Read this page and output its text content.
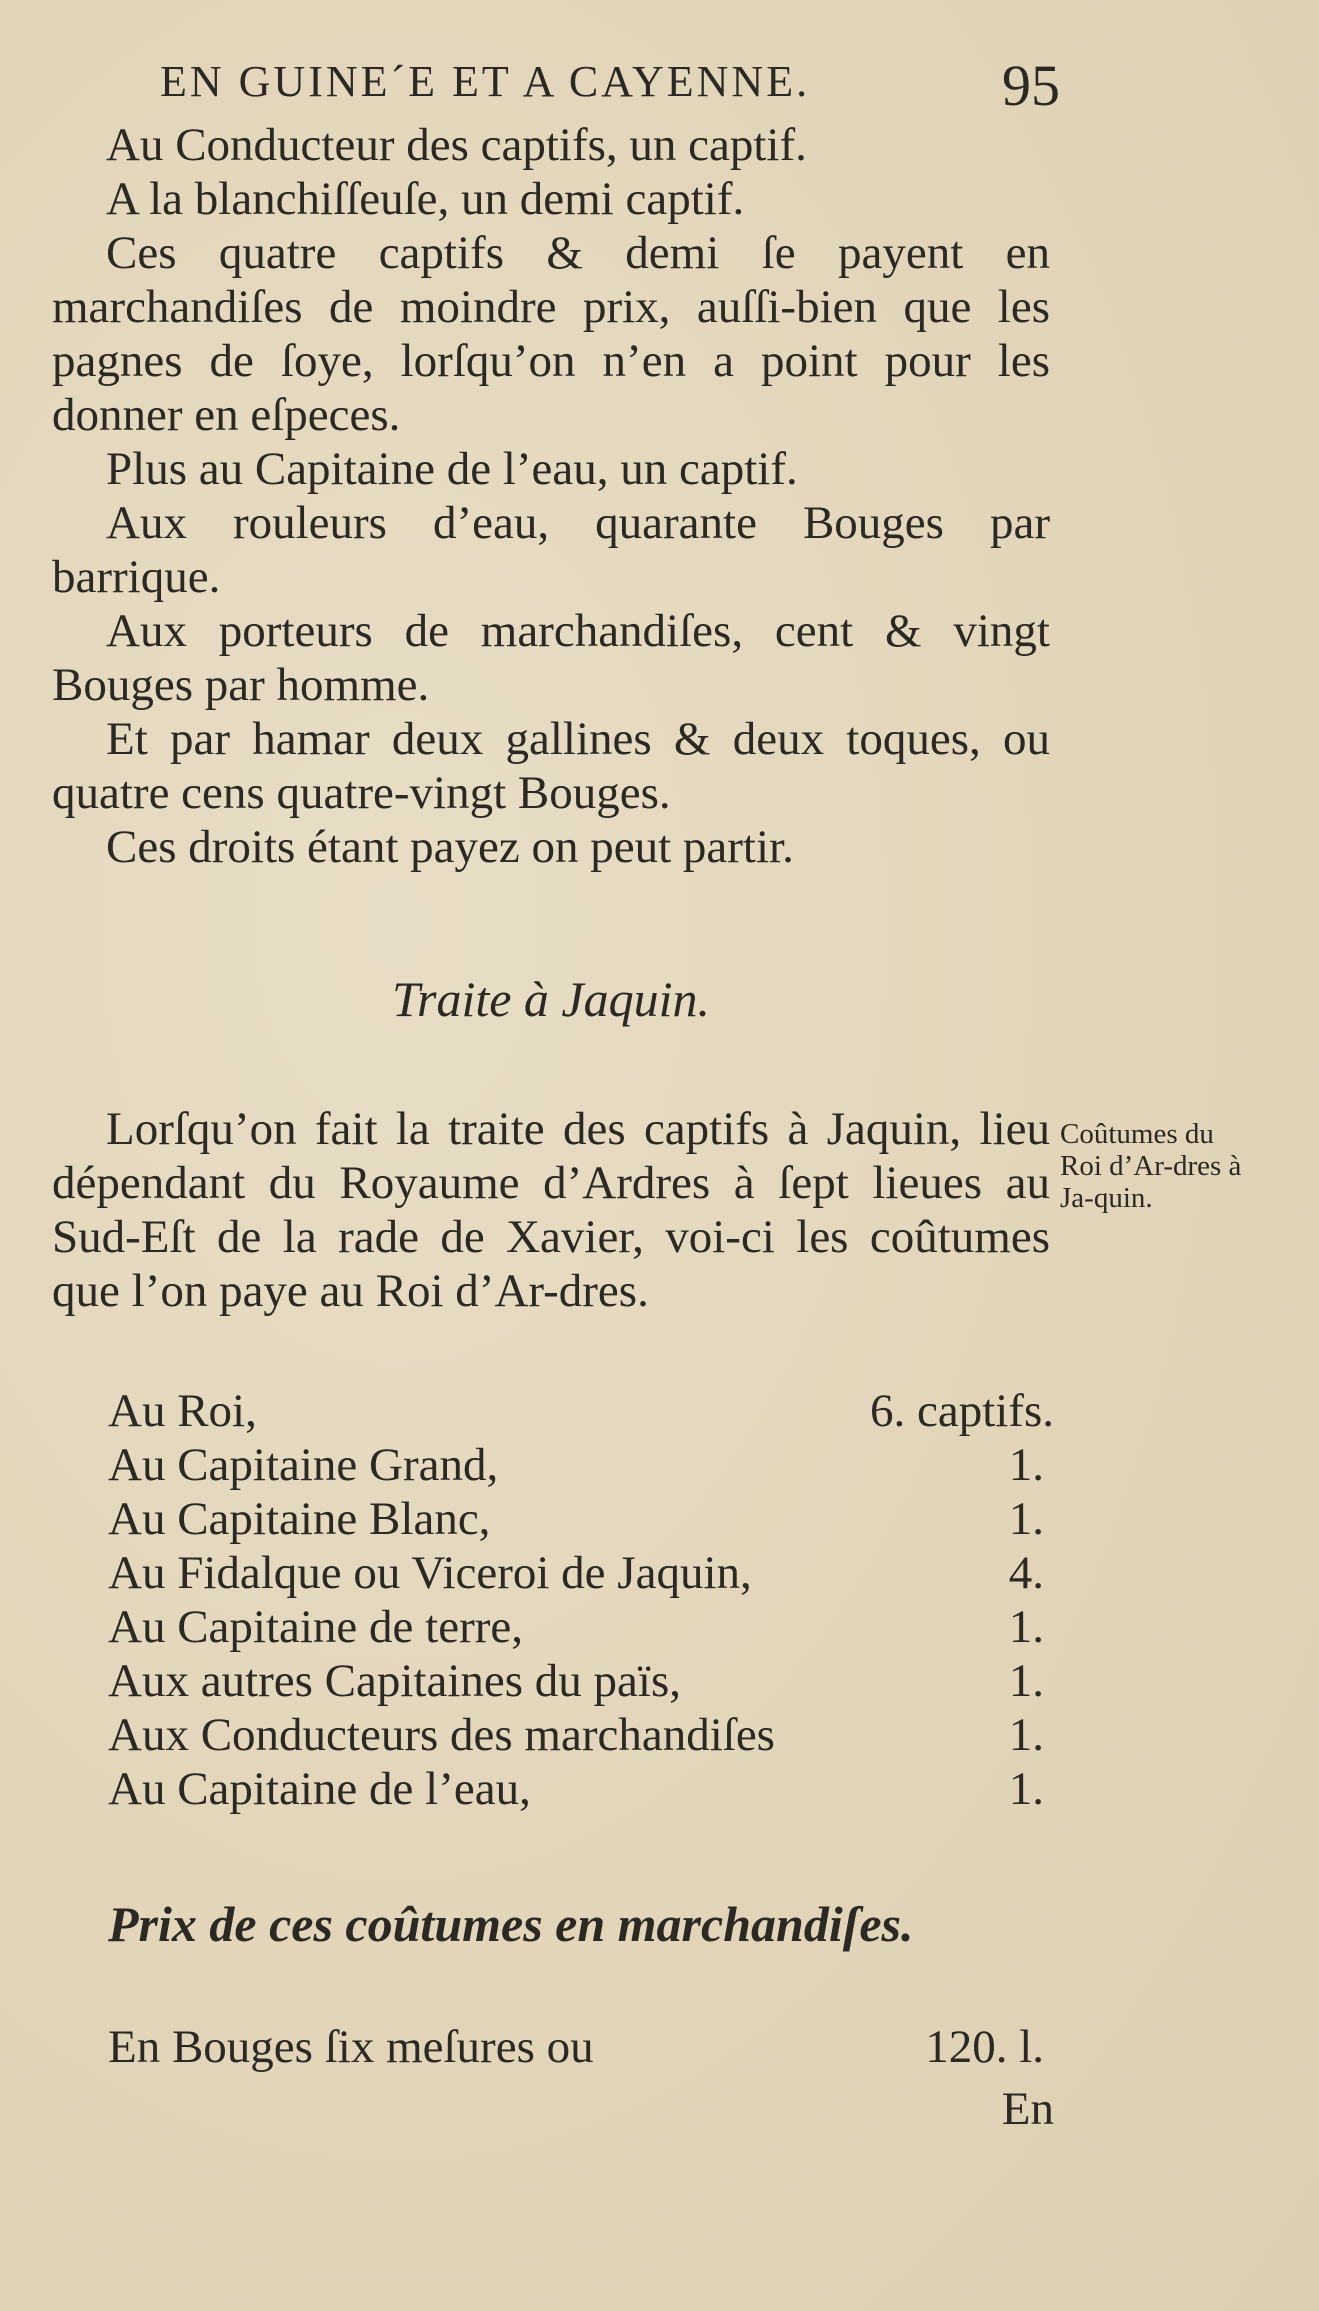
EN GUINE´E ET A CAYENNE.	95

Au Conducteur des captifs, un captif.

A la blanchiſſeuſe, un demi captif.

Ces quatre captifs & demi ſe payent en marchandiſes de moindre prix, auſſi-bien que les pagnes de ſoye, lorſqu’on n’en a point pour les donner en eſpeces.

Plus au Capitaine de l’eau, un captif.

Aux rouleurs d’eau, quarante Bouges par barrique.

Aux porteurs de marchandiſes, cent & vingt Bouges par homme.

Et par hamar deux gallines & deux toques, ou quatre cens quatre-vingt Bouges.

Ces droits étant payez on peut partir.

Traite à Jaquin.

Lorſqu’on fait la traite des captifs à Jaquin, lieu dépendant du Royaume d’Ardres à ſept lieues au Sud-Eſt de la rade de Xavier, voi-ci les coûtumes que l’on paye au Roi d’Ar-dres.

Coûtumes du Roi d’Ar-dres à Ja-quin.
Au Roi,	6. captifs.
Au Capitaine Grand,	1.
Au Capitaine Blanc,	1.
Au Fidalque ou Viceroi de Jaquin,	4.
Au Capitaine de terre,	1.
Aux autres Capitaines du païs,	1.
Aux Conducteurs des marchandiſes	1.
Au Capitaine de l’eau,	1.
Prix de ces coûtumes en marchandiſes.
En Bouges ſix meſures ou	120. l.
En
